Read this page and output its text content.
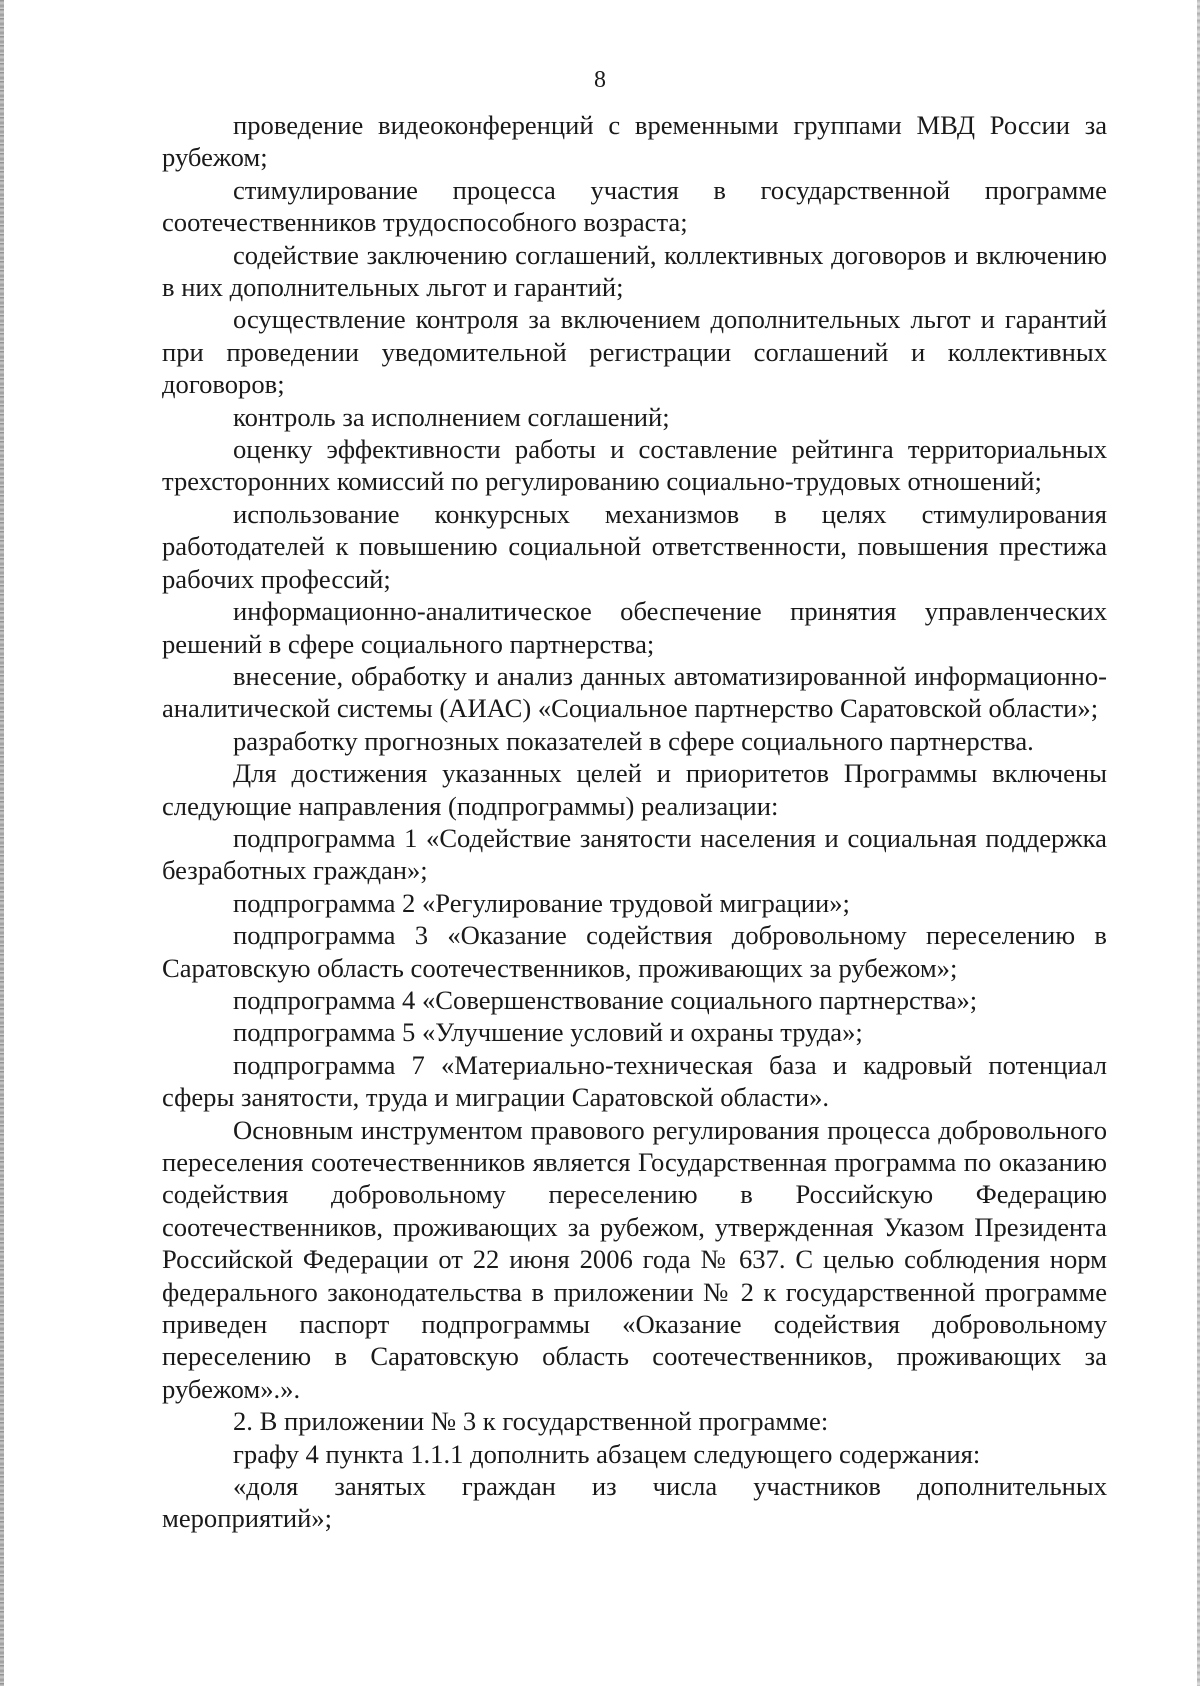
8

проведение видеоконференций с временными группами МВД России за рубежом;

стимулирование процесса участия в государственной программе соотечественников трудоспособного возраста;

содействие заключению соглашений, коллективных договоров и включению в них дополнительных льгот и гарантий;

осуществление контроля за включением дополнительных льгот и гарантий при проведении уведомительной регистрации соглашений и коллективных договоров;

контроль за исполнением соглашений;

оценку эффективности работы и составление рейтинга территориальных трехсторонних комиссий по регулированию социально-трудовых отношений;

использование конкурсных механизмов в целях стимулирования работодателей к повышению социальной ответственности, повышения престижа рабочих профессий;

информационно-аналитическое обеспечение принятия управленческих решений в сфере социального партнерства;

внесение, обработку и анализ данных автоматизированной информационно-аналитической системы (АИАС) «Социальное партнерство Саратовской области»;

разработку прогнозных показателей в сфере социального партнерства.

Для достижения указанных целей и приоритетов Программы включены следующие направления (подпрограммы) реализации:

подпрограмма 1 «Содействие занятости населения и социальная поддержка безработных граждан»;

подпрограмма 2 «Регулирование трудовой миграции»;

подпрограмма 3 «Оказание содействия добровольному переселению в Саратовскую область соотечественников, проживающих за рубежом»;

подпрограмма 4 «Совершенствование социального партнерства»;

подпрограмма 5 «Улучшение условий и охраны труда»;

подпрограмма 7 «Материально-техническая база и кадровый потенциал сферы занятости, труда и миграции Саратовской области».

Основным инструментом правового регулирования процесса добровольного переселения соотечественников является Государственная программа по оказанию содействия добровольному переселению в Российскую Федерацию соотечественников, проживающих за рубежом, утвержденная Указом Президента Российской Федерации от 22 июня 2006 года № 637. С целью соблюдения норм федерального законодательства в приложении № 2 к государственной программе приведен паспорт подпрограммы «Оказание содействия добровольному переселению в Саратовскую область соотечественников, проживающих за рубежом».».

2. В приложении № 3 к государственной программе:

графу 4 пункта 1.1.1 дополнить абзацем следующего содержания:

«доля занятых граждан из числа участников дополнительных мероприятий»;
